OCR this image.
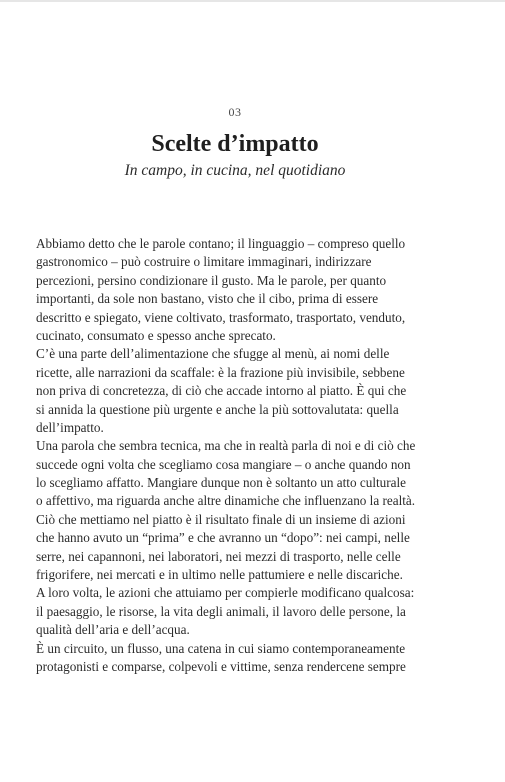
03
Scelte d’impatto
In campo, in cucina, nel quotidiano
Abbiamo detto che le parole contano; il linguaggio – compreso quello
gastronomico – può costruire o limitare immaginari, indirizzare
percezioni, persino condizionare il gusto. Ma le parole, per quanto
importanti, da sole non bastano, visto che il cibo, prima di essere
descritto e spiegato, viene coltivato, trasformato, trasportato, venduto,
cucinato, consumato e spesso anche sprecato.
C’è una parte dell’alimentazione che sfugge al menù, ai nomi delle
ricette, alle narrazioni da scaffale: è la frazione più invisibile, sebbene
non priva di concretezza, di ciò che accade intorno al piatto. È qui che
si annida la questione più urgente e anche la più sottovalutata: quella
dell’impatto.
Una parola che sembra tecnica, ma che in realtà parla di noi e di ciò che
succede ogni volta che scegliamo cosa mangiare – o anche quando non
lo scegliamo affatto. Mangiare dunque non è soltanto un atto culturale
o affettivo, ma riguarda anche altre dinamiche che influenzano la realtà.
Ciò che mettiamo nel piatto è il risultato finale di un insieme di azioni
che hanno avuto un “prima” e che avranno un “dopo”: nei campi, nelle
serre, nei capannoni, nei laboratori, nei mezzi di trasporto, nelle celle
frigorifere, nei mercati e in ultimo nelle pattumiere e nelle discariche.
A loro volta, le azioni che attuiamo per compierle modificano qualcosa:
il paesaggio, le risorse, la vita degli animali, il lavoro delle persone, la
qualità dell’aria e dell’acqua.
È un circuito, un flusso, una catena in cui siamo contemporaneamente
protagonisti e comparse, colpevoli e vittime, senza rendercene sempre
